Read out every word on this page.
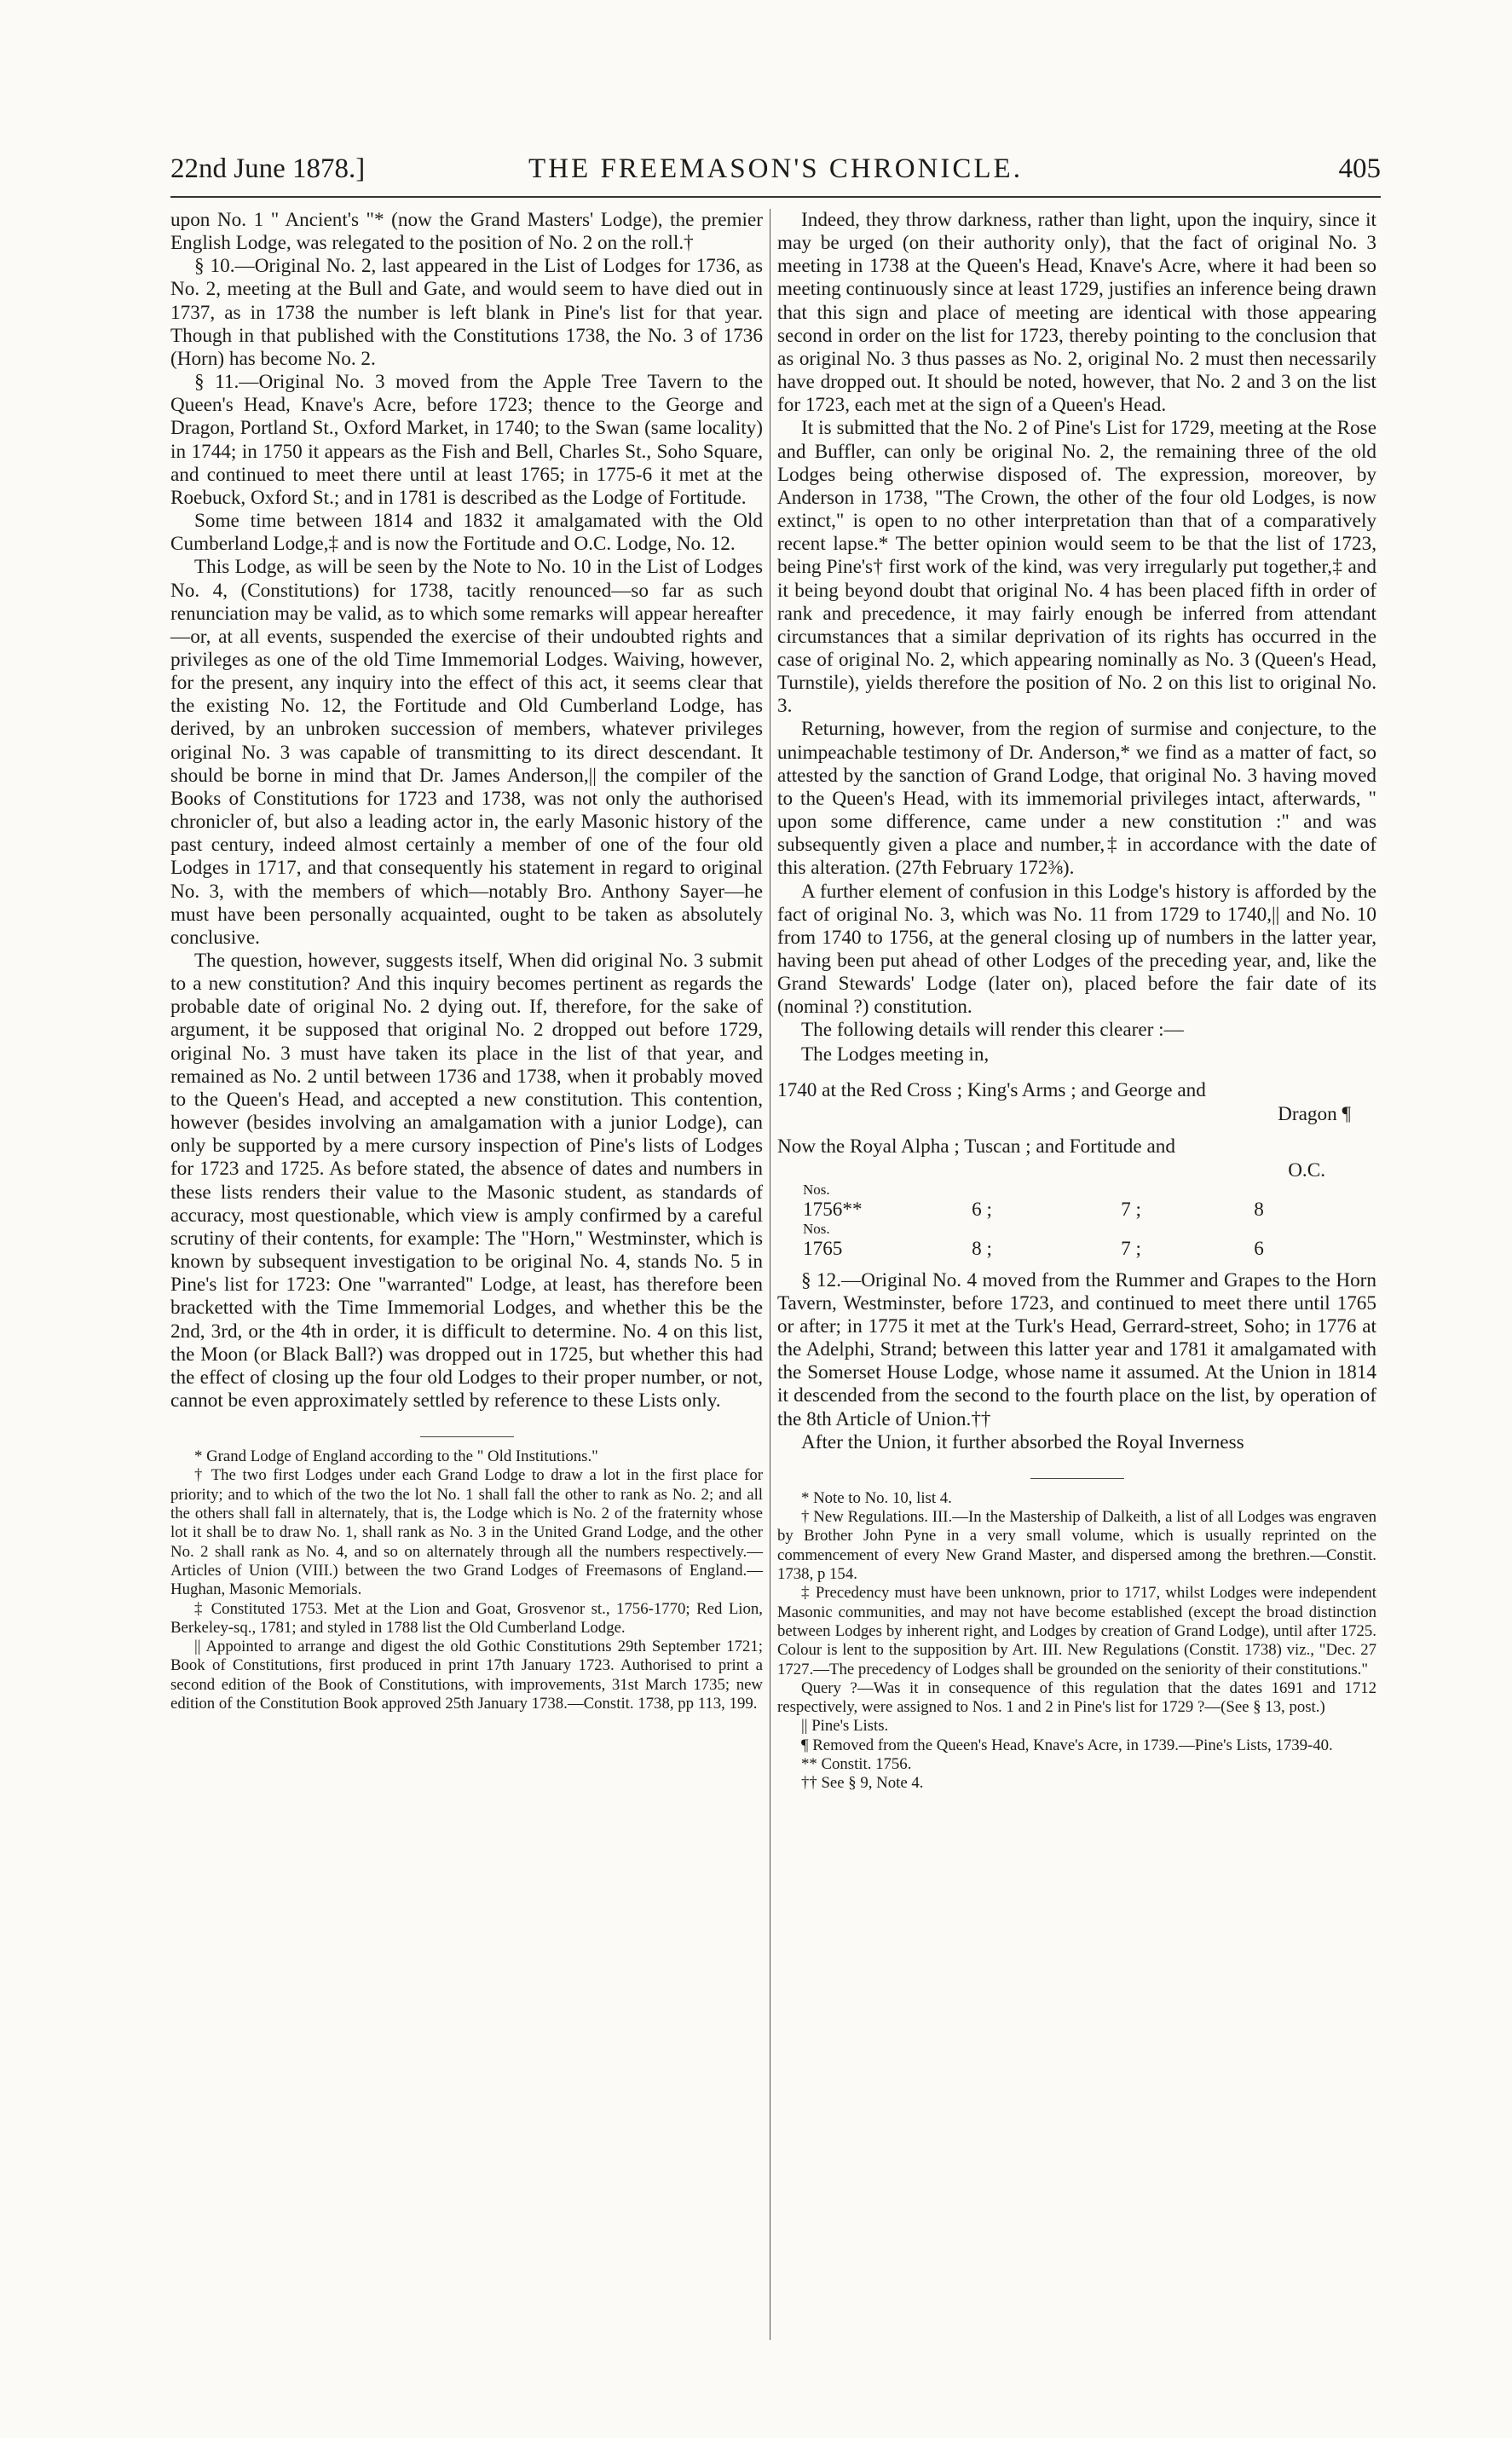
22nd June 1878.]	THE FREEMASON'S CHRONICLE.	405

upon No. 1 " Ancient's "* (now the Grand Masters' Lodge), the premier English Lodge, was relegated to the position of No. 2 on the roll.†

§ 10.—Original No. 2, last appeared in the List of Lodges for 1736, as No. 2, meeting at the Bull and Gate, and would seem to have died out in 1737, as in 1738 the number is left blank in Pine's list for that year. Though in that published with the Constitutions 1738, the No. 3 of 1736 (Horn) has become No. 2.

§ 11.—Original No. 3 moved from the Apple Tree Tavern to the Queen's Head, Knave's Acre, before 1723; thence to the George and Dragon, Portland St., Oxford Market, in 1740; to the Swan (same locality) in 1744; in 1750 it appears as the Fish and Bell, Charles St., Soho Square, and continued to meet there until at least 1765; in 1775-6 it met at the Roebuck, Oxford St.; and in 1781 is described as the Lodge of Fortitude.

Some time between 1814 and 1832 it amalgamated with the Old Cumberland Lodge,‡ and is now the Fortitude and O.C. Lodge, No. 12.

This Lodge, as will be seen by the Note to No. 10 in the List of Lodges No. 4, (Constitutions) for 1738, tacitly renounced—so far as such renunciation may be valid, as to which some remarks will appear hereafter—or, at all events, suspended the exercise of their undoubted rights and privileges as one of the old Time Immemorial Lodges. Waiving, however, for the present, any inquiry into the effect of this act, it seems clear that the existing No. 12, the Fortitude and Old Cumberland Lodge, has derived, by an unbroken succession of members, whatever privileges original No. 3 was capable of transmitting to its direct descendant. It should be borne in mind that Dr. James Anderson,|| the compiler of the Books of Constitutions for 1723 and 1738, was not only the authorised chronicler of, but also a leading actor in, the early Masonic history of the past century, indeed almost certainly a member of one of the four old Lodges in 1717, and that consequently his statement in regard to original No. 3, with the members of which—notably Bro. Anthony Sayer—he must have been personally acquainted, ought to be taken as absolutely conclusive.

The question, however, suggests itself, When did original No. 3 submit to a new constitution? And this inquiry becomes pertinent as regards the probable date of original No. 2 dying out. If, therefore, for the sake of argument, it be supposed that original No. 2 dropped out before 1729, original No. 3 must have taken its place in the list of that year, and remained as No. 2 until between 1736 and 1738, when it probably moved to the Queen's Head, and accepted a new constitution. This contention, however (besides involving an amalgamation with a junior Lodge), can only be supported by a mere cursory inspection of Pine's lists of Lodges for 1723 and 1725. As before stated, the absence of dates and numbers in these lists renders their value to the Masonic student, as standards of accuracy, most questionable, which view is amply confirmed by a careful scrutiny of their contents, for example: The "Horn," Westminster, which is known by subsequent investigation to be original No. 4, stands No. 5 in Pine's list for 1723: One "warranted" Lodge, at least, has therefore been bracketted with the Time Immemorial Lodges, and whether this be the 2nd, 3rd, or the 4th in order, it is difficult to determine. No. 4 on this list, the Moon (or Black Ball?) was dropped out in 1725, but whether this had the effect of closing up the four old Lodges to their proper number, or not, cannot be even approximately settled by reference to these Lists only.

* Grand Lodge of England according to the " Old Institutions."

† The two first Lodges under each Grand Lodge to draw a lot in the first place for priority; and to which of the two the lot No. 1 shall fall the other to rank as No. 2; and all the others shall fall in alternately, that is, the Lodge which is No. 2 of the fraternity whose lot it shall be to draw No. 1, shall rank as No. 3 in the United Grand Lodge, and the other No. 2 shall rank as No. 4, and so on alternately through all the numbers respectively.—Articles of Union (VIII.) between the two Grand Lodges of Freemasons of England.—Hughan, Masonic Memorials.

‡ Constituted 1753. Met at the Lion and Goat, Grosvenor st., 1756-1770; Red Lion, Berkeley-sq., 1781; and styled in 1788 list the Old Cumberland Lodge.

|| Appointed to arrange and digest the old Gothic Constitutions 29th September 1721; Book of Constitutions, first produced in print 17th January 1723. Authorised to print a second edition of the Book of Constitutions, with improvements, 31st March 1735; new edition of the Constitution Book approved 25th January 1738.—Constit. 1738, pp 113, 199.

Indeed, they throw darkness, rather than light, upon the inquiry, since it may be urged (on their authority only), that the fact of original No. 3 meeting in 1738 at the Queen's Head, Knave's Acre, where it had been so meeting continuously since at least 1729, justifies an inference being drawn that this sign and place of meeting are identical with those appearing second in order on the list for 1723, thereby pointing to the conclusion that as original No. 3 thus passes as No. 2, original No. 2 must then necessarily have dropped out. It should be noted, however, that No. 2 and 3 on the list for 1723, each met at the sign of a Queen's Head.

It is submitted that the No. 2 of Pine's List for 1729, meeting at the Rose and Buffler, can only be original No. 2, the remaining three of the old Lodges being otherwise disposed of. The expression, moreover, by Anderson in 1738, "The Crown, the other of the four old Lodges, is now extinct," is open to no other interpretation than that of a comparatively recent lapse.* The better opinion would seem to be that the list of 1723, being Pine's† first work of the kind, was very irregularly put together,‡ and it being beyond doubt that original No. 4 has been placed fifth in order of rank and precedence, it may fairly enough be inferred from attendant circumstances that a similar deprivation of its rights has occurred in the case of original No. 2, which appearing nominally as No. 3 (Queen's Head, Turnstile), yields therefore the position of No. 2 on this list to original No. 3.

Returning, however, from the region of surmise and conjecture, to the unimpeachable testimony of Dr. Anderson,* we find as a matter of fact, so attested by the sanction of Grand Lodge, that original No. 3 having moved to the Queen's Head, with its immemorial privileges intact, afterwards, " upon some difference, came under a new constitution :" and was subsequently given a place and number,‡ in accordance with the date of this alteration. (27th February 172⅜).

A further element of confusion in this Lodge's history is afforded by the fact of original No. 3, which was No. 11 from 1729 to 1740,|| and No. 10 from 1740 to 1756, at the general closing up of numbers in the latter year, having been put ahead of other Lodges of the preceding year, and, like the Grand Stewards' Lodge (later on), placed before the fair date of its (nominal ?) constitution.

The following details will render this clearer :—

The Lodges meeting in,
1740 at the Red Cross ; King's Arms ; and George and
Dragon ¶
Now the Royal Alpha ; Tuscan ; and Fortitude and
O.C.
Nos.
1756**	6 ;	7 ;	8
Nos.
1765	8 ;	7 ;	6

§ 12.—Original No. 4 moved from the Rummer and Grapes to the Horn Tavern, Westminster, before 1723, and continued to meet there until 1765 or after; in 1775 it met at the Turk's Head, Gerrard-street, Soho; in 1776 at the Adelphi, Strand; between this latter year and 1781 it amalgamated with the Somerset House Lodge, whose name it assumed. At the Union in 1814 it descended from the second to the fourth place on the list, by operation of the 8th Article of Union.††

After the Union, it further absorbed the Royal Inverness

* Note to No. 10, list 4.

† New Regulations. III.—In the Mastership of Dalkeith, a list of all Lodges was engraven by Brother John Pyne in a very small volume, which is usually reprinted on the commencement of every New Grand Master, and dispersed among the brethren.—Constit. 1738, p 154.

‡ Precedency must have been unknown, prior to 1717, whilst Lodges were independent Masonic communities, and may not have become established (except the broad distinction between Lodges by inherent right, and Lodges by creation of Grand Lodge), until after 1725. Colour is lent to the supposition by Art. III. New Regulations (Constit. 1738) viz., "Dec. 27 1727.—The precedency of Lodges shall be grounded on the seniority of their constitutions."

Query ?—Was it in consequence of this regulation that the dates 1691 and 1712 respectively, were assigned to Nos. 1 and 2 in Pine's list for 1729 ?—(See § 13, post.)

|| Pine's Lists.

¶ Removed from the Queen's Head, Knave's Acre, in 1739.—Pine's Lists, 1739-40.

** Constit. 1756.

†† See § 9, Note 4.
